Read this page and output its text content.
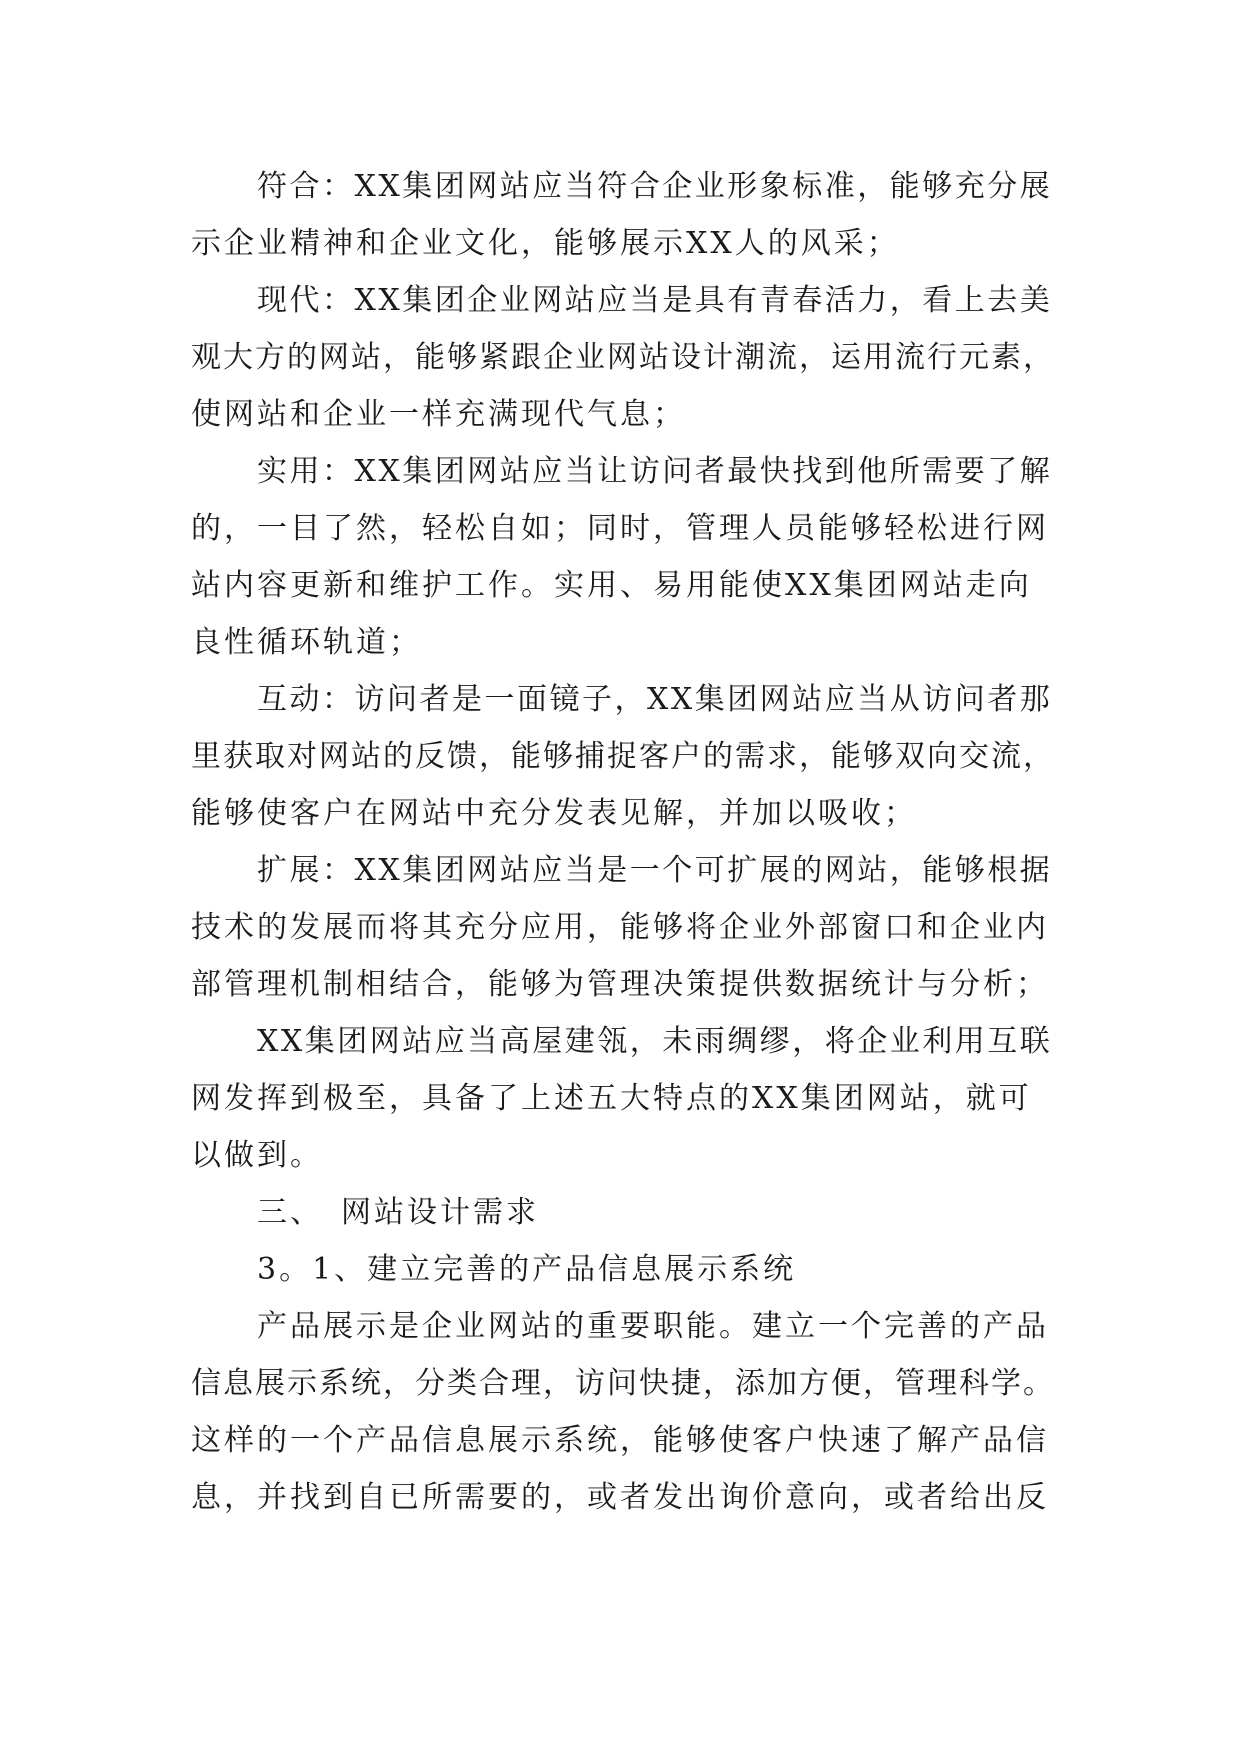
符合：XX集团网站应当符合企业形象标准，能够充分展
示企业精神和企业文化，能够展示XX人的风采；
现代：XX集团企业网站应当是具有青春活力，看上去美
观大方的网站，能够紧跟企业网站设计潮流，运用流行元素，
使网站和企业一样充满现代气息；
实用：XX集团网站应当让访问者最快找到他所需要了解
的，一目了然，轻松自如；同时，管理人员能够轻松进行网
站内容更新和维护工作。实用、易用能使XX集团网站走向
良性循环轨道；
互动：访问者是一面镜子，XX集团网站应当从访问者那
里获取对网站的反馈，能够捕捉客户的需求，能够双向交流，
能够使客户在网站中充分发表见解，并加以吸收；
扩展：XX集团网站应当是一个可扩展的网站，能够根据
技术的发展而将其充分应用，能够将企业外部窗口和企业内
部管理机制相结合，能够为管理决策提供数据统计与分析；
XX集团网站应当高屋建瓴，未雨绸缪，将企业利用互联
网发挥到极至，具备了上述五大特点的XX集团网站，就可
以做到。
三、　网站设计需求
3。1、建立完善的产品信息展示系统
产品展示是企业网站的重要职能。建立一个完善的产品
信息展示系统，分类合理，访问快捷，添加方便，管理科学。
这样的一个产品信息展示系统，能够使客户快速了解产品信
息，并找到自已所需要的，或者发出询价意向，或者给出反
